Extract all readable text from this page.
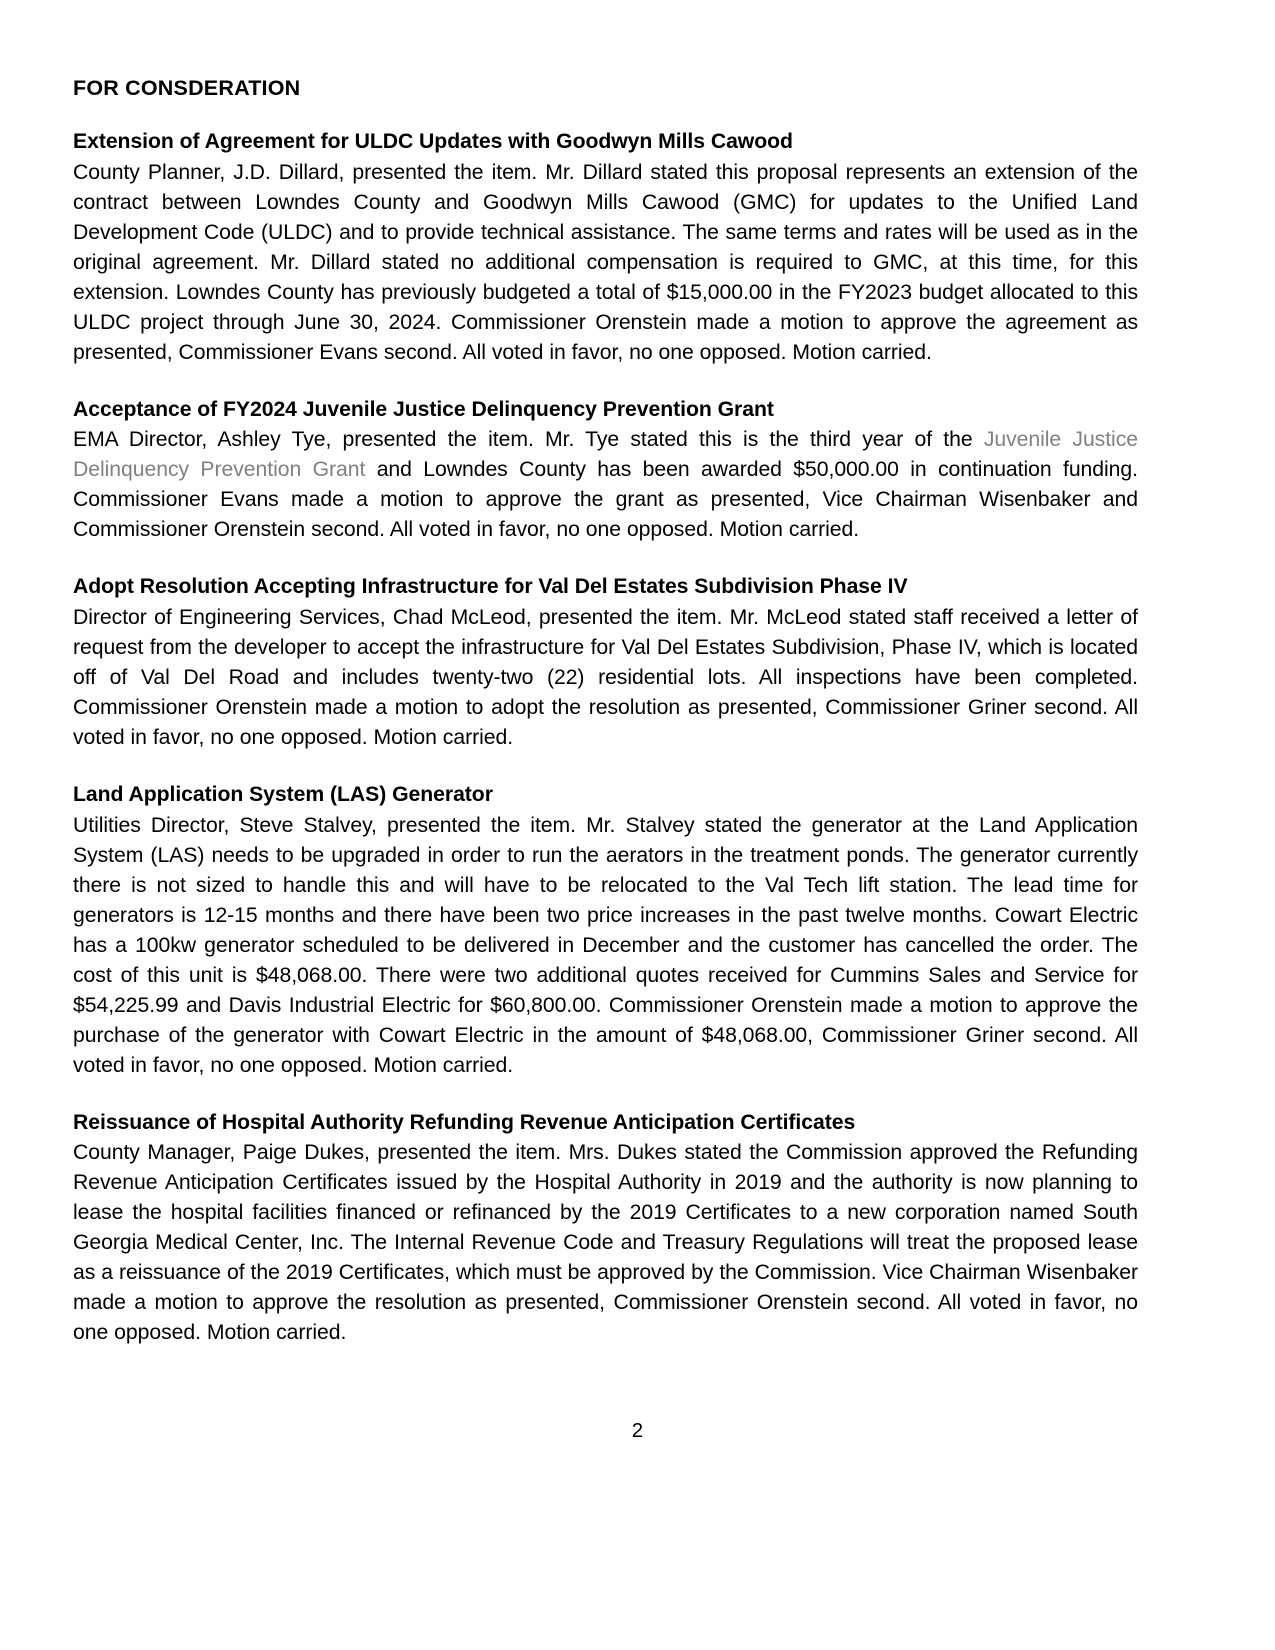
FOR CONSDERATION
Extension of Agreement for ULDC Updates with Goodwyn Mills Cawood

County Planner, J.D. Dillard, presented the item. Mr. Dillard stated this proposal represents an extension of the contract between Lowndes County and Goodwyn Mills Cawood (GMC) for updates to the Unified Land Development Code (ULDC) and to provide technical assistance. The same terms and rates will be used as in the original agreement. Mr. Dillard stated no additional compensation is required to GMC, at this time, for this extension. Lowndes County has previously budgeted a total of $15,000.00 in the FY2023 budget allocated to this ULDC project through June 30, 2024. Commissioner Orenstein made a motion to approve the agreement as presented, Commissioner Evans second. All voted in favor, no one opposed. Motion carried.

Acceptance of FY2024 Juvenile Justice Delinquency Prevention Grant

EMA Director, Ashley Tye, presented the item. Mr. Tye stated this is the third year of the Juvenile Justice Delinquency Prevention Grant and Lowndes County has been awarded $50,000.00 in continuation funding. Commissioner Evans made a motion to approve the grant as presented, Vice Chairman Wisenbaker and Commissioner Orenstein second. All voted in favor, no one opposed. Motion carried.

Adopt Resolution Accepting Infrastructure for Val Del Estates Subdivision Phase IV

Director of Engineering Services, Chad McLeod, presented the item. Mr. McLeod stated staff received a letter of request from the developer to accept the infrastructure for Val Del Estates Subdivision, Phase IV, which is located off of Val Del Road and includes twenty-two (22) residential lots. All inspections have been completed. Commissioner Orenstein made a motion to adopt the resolution as presented, Commissioner Griner second. All voted in favor, no one opposed. Motion carried.

Land Application System (LAS) Generator

Utilities Director, Steve Stalvey, presented the item. Mr. Stalvey stated the generator at the Land Application System (LAS) needs to be upgraded in order to run the aerators in the treatment ponds. The generator currently there is not sized to handle this and will have to be relocated to the Val Tech lift station. The lead time for generators is 12-15 months and there have been two price increases in the past twelve months. Cowart Electric has a 100kw generator scheduled to be delivered in December and the customer has cancelled the order. The cost of this unit is $48,068.00. There were two additional quotes received for Cummins Sales and Service for $54,225.99 and Davis Industrial Electric for $60,800.00. Commissioner Orenstein made a motion to approve the purchase of the generator with Cowart Electric in the amount of $48,068.00, Commissioner Griner second. All voted in favor, no one opposed. Motion carried.

Reissuance of Hospital Authority Refunding Revenue Anticipation Certificates

County Manager, Paige Dukes, presented the item. Mrs. Dukes stated the Commission approved the Refunding Revenue Anticipation Certificates issued by the Hospital Authority in 2019 and the authority is now planning to lease the hospital facilities financed or refinanced by the 2019 Certificates to a new corporation named South Georgia Medical Center, Inc. The Internal Revenue Code and Treasury Regulations will treat the proposed lease as a reissuance of the 2019 Certificates, which must be approved by the Commission. Vice Chairman Wisenbaker made a motion to approve the resolution as presented, Commissioner Orenstein second. All voted in favor, no one opposed. Motion carried.

2
